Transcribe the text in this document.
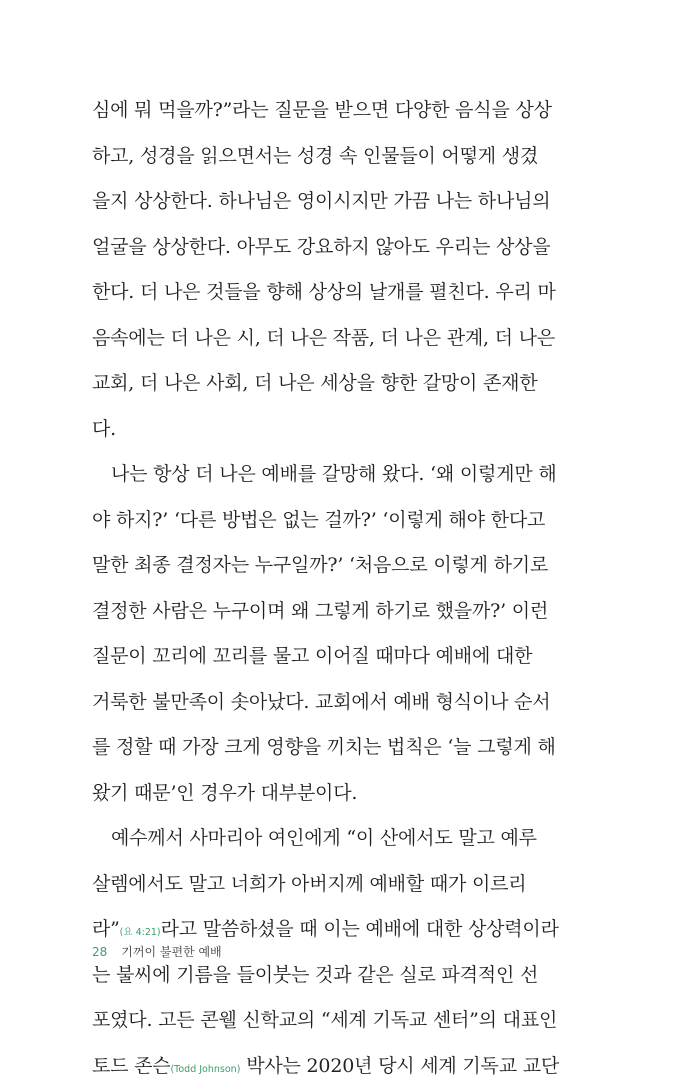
심에 뭐 먹을까?”라는 질문을 받으면 다양한 음식을 상상
하고, 성경을 읽으면서는 성경 속 인물들이 어떻게 생겼
을지 상상한다. 하나님은 영이시지만 가끔 나는 하나님의
얼굴을 상상한다. 아무도 강요하지 않아도 우리는 상상을
한다. 더 나은 것들을 향해 상상의 날개를 펼친다. 우리 마
음속에는 더 나은 시, 더 나은 작품, 더 나은 관계, 더 나은
교회, 더 나은 사회, 더 나은 세상을 향한 갈망이 존재한
다.
나는 항상 더 나은 예배를 갈망해 왔다. ‘왜 이렇게만 해
야 하지?’ ‘다른 방법은 없는 걸까?’ ‘이렇게 해야 한다고
말한 최종 결정자는 누구일까?’ ‘처음으로 이렇게 하기로
결정한 사람은 누구이며 왜 그렇게 하기로 했을까?’ 이런
질문이 꼬리에 꼬리를 물고 이어질 때마다 예배에 대한
거룩한 불만족이 솟아났다. 교회에서 예배 형식이나 순서
를 정할 때 가장 크게 영향을 끼치는 법칙은 ‘늘 그렇게 해
왔기 때문’인 경우가 대부분이다.
예수께서 사마리아 여인에게 “이 산에서도 말고 예루
살렘에서도 말고 너희가 아버지께 예배할 때가 이르리
라”(요 4:21)라고 말씀하셨을 때 이는 예배에 대한 상상력이라
는 불씨에 기름을 들이붓는 것과 같은 실로 파격적인 선
포였다. 고든 콘웰 신학교의 “세계 기독교 센터”의 대표인
토드 존슨(Todd Johnson) 박사는 2020년 당시 세계 기독교 교단
28 기꺼이 불편한 예배
